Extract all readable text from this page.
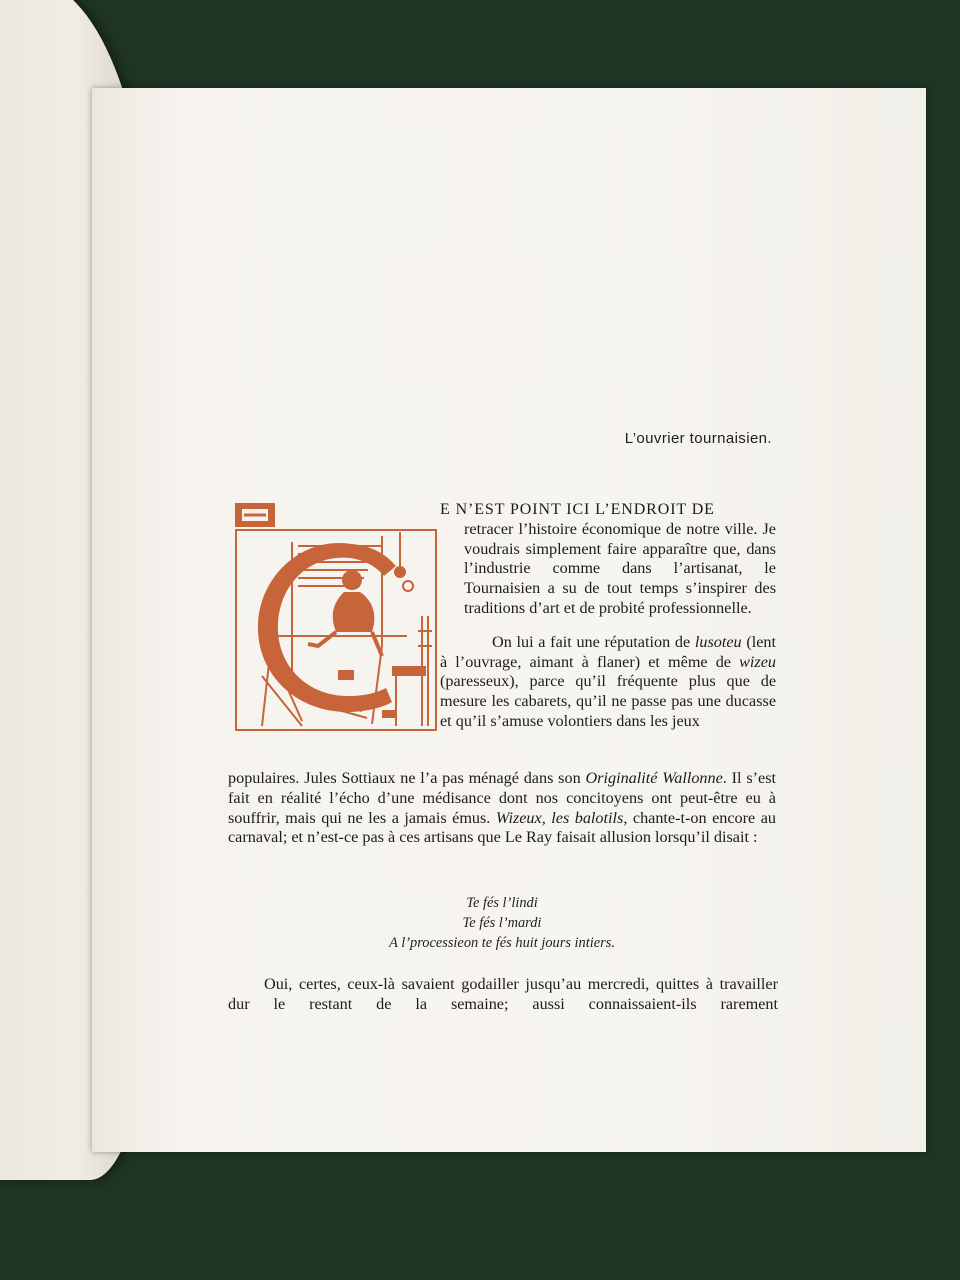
L’ouvrier tournaisien.
C

E N’EST POINT ICI L’ENDROIT DE

retracer l’histoire économique de notre ville. Je voudrais simplement faire apparaître que, dans l’industrie comme dans l’artisanat, le Tournaisien a su de tout temps s’inspirer des traditions d’art et de probité professionnelle.

On lui a fait une réputation de lusoteu (lent à l’ouvrage, aimant à flaner) et même de wizeu (paresseux), parce qu’il fréquente plus que de mesure les cabarets, qu’il ne passe pas une ducasse et qu’il s’amuse volontiers dans les jeux

populaires. Jules Sottiaux ne l’a pas ménagé dans son Originalité Wallonne. Il s’est fait en réalité l’écho d’une médisance dont nos concitoyens ont peut-être eu à souffrir, mais qui ne les a jamais émus. Wizeux, les balotils, chante-t-on encore au carnaval; et n’est-ce pas à ces artisans que Le Ray faisait allusion lorsqu’il disait :

Te fés l’lindi
Te fés l’mardi
A l’processieon te fés huit jours intiers.

Oui, certes, ceux-là savaient godailler jusqu’au mercredi, quittes à travailler dur le restant de la semaine; aussi connaissaient-ils rarement
